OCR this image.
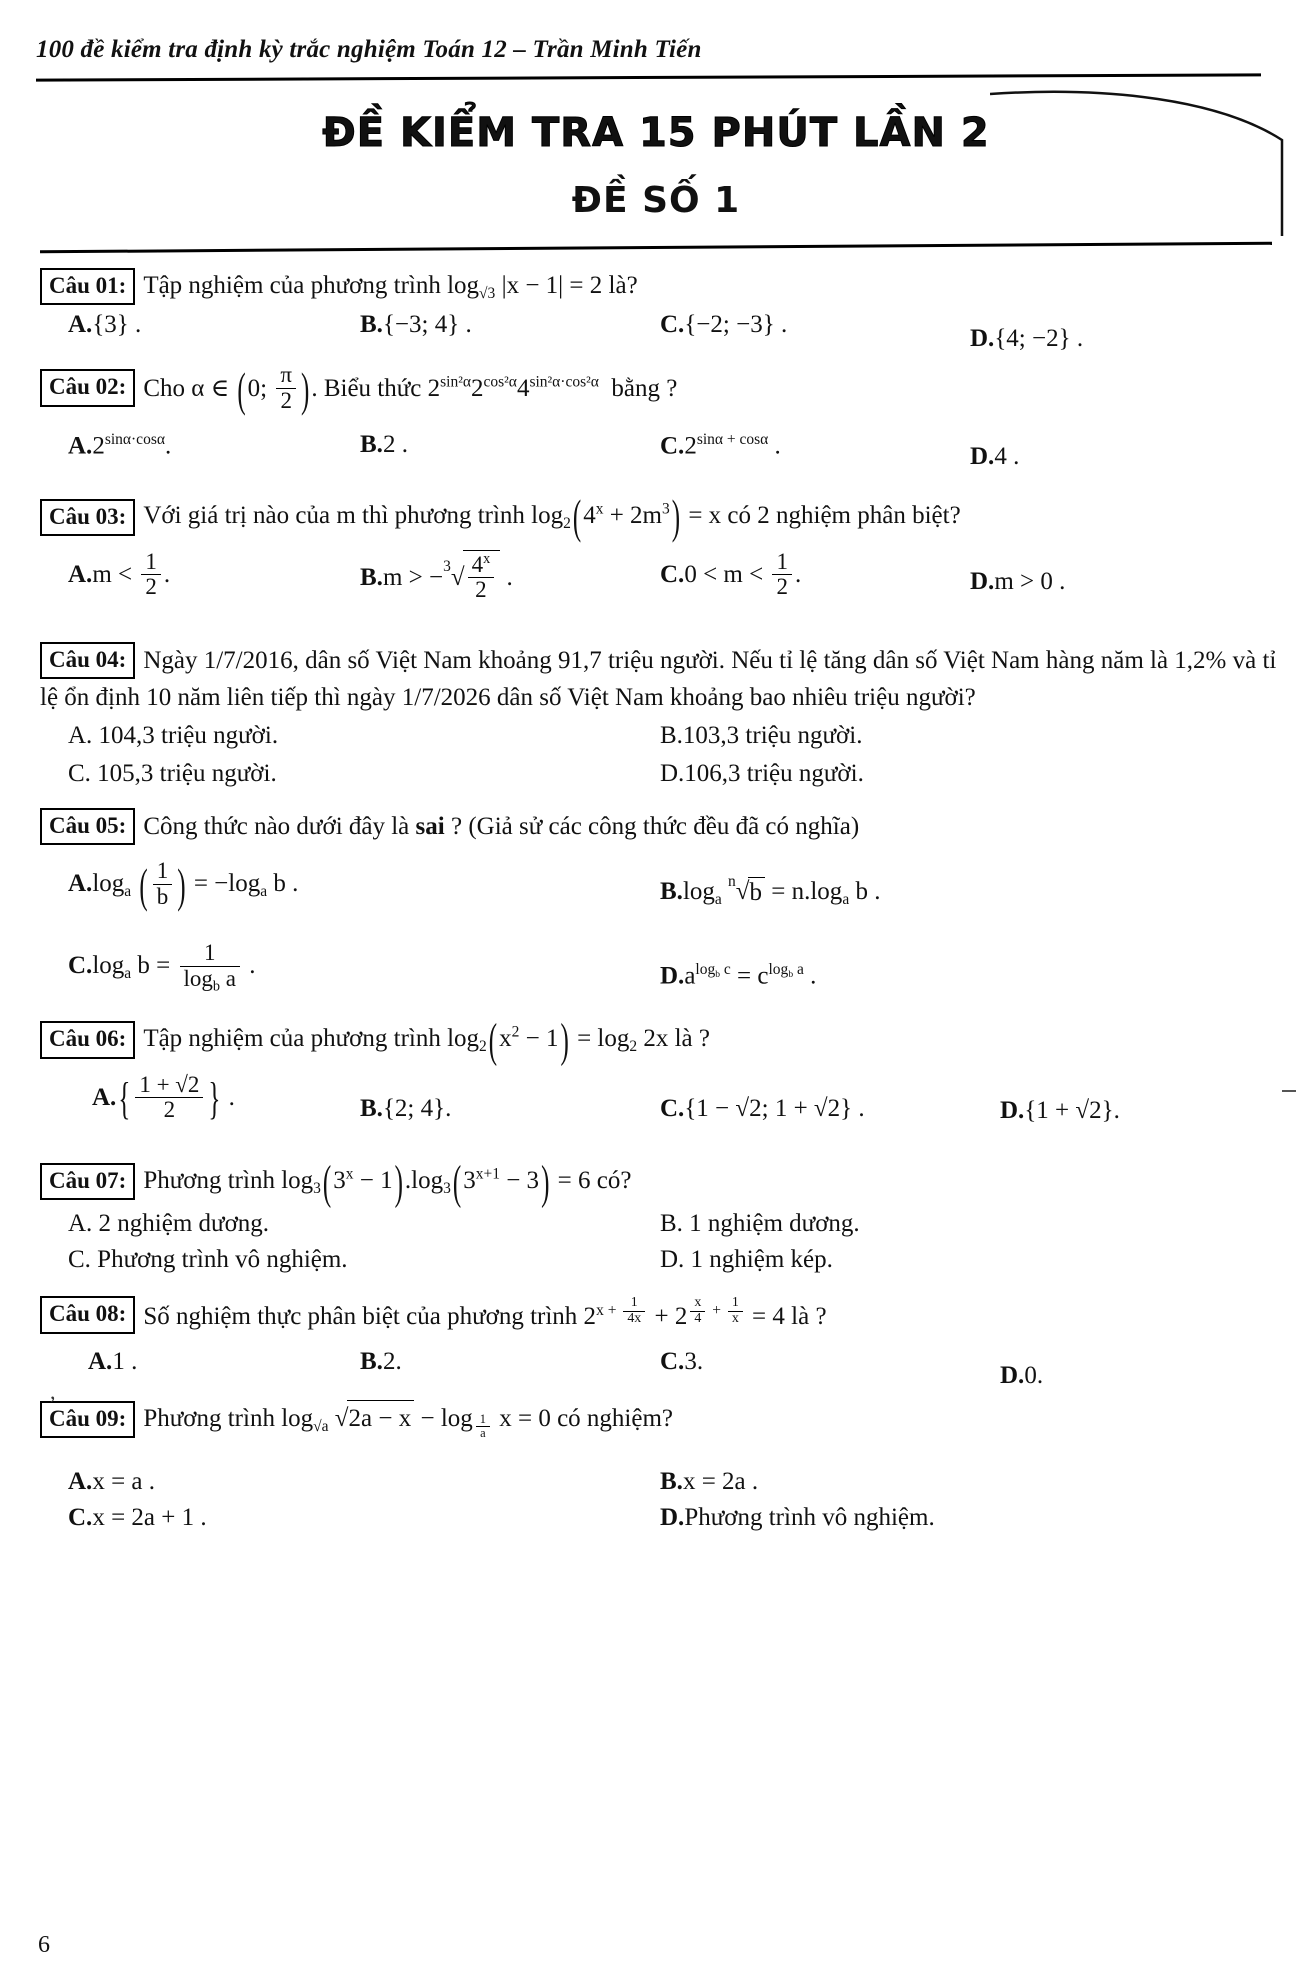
100 đề kiểm tra định kỳ trắc nghiệm Toán 12 – Trần Minh Tiến
ĐỀ KIỂM TRA 15 PHÚT LẦN 2
ĐỀ SỐ 1
Câu 01: Tập nghiệm của phương trình $\log_{√3} |x - 1| = 2$ là?
A.{3} .	B.{−3; 4} .	C.{−2; −3} .
D.{4; −2} .
Câu 02: Cho α ∈ (0; $\frac{\pi}{2}$ ). Biểu thức $2^{sin^2\alpha}2^{cos^2\alpha}4^{sin^2\alpha\cdot cos^2\alpha}$  bằng ?
$A.2^{sin\alpha\cdot cos\alpha}$.	B.2 .	$C.2^{sin\alpha + cos\alpha}$ .	D.4 .
Câu 03: Với giá trị nào của m thì phương trình $\log_2(4^x + 2m^3) = x$ có 2 nghiệm phân biệt?
$A.m < \frac{1}{2}$ .	$B.m > -^3√ \frac{4^x}{2}$ .	$C.0 < m < \frac{1}{2}$ .	D.m > 0 .
Câu 04: Ngày 1/7/2016, dân số Việt Nam khoảng 91,7 triệu người. Nếu tỉ lệ tăng dân số Việt Nam hàng năm là 1,2% và tỉ lệ ổn định 10 năm liên tiếp thì ngày 1/7/2026 dân số Việt Nam khoảng bao nhiêu triệu người?
A. 104,3 triệu người.	B.103,3 triệu người.
C. 105,3 triệu người.	D.106,3 triệu người.
Câu 05: Công thức nào dưới đây là sai ? (Giả sử các công thức đều đã có nghĩa)
$A.\log_a$ ( $\frac{1}{b}$ ) = $-\log_a$ b .	$B.\log_a$ $^n√b = n.\log_a$ b .
$C.\log_a$ $b = \frac{1}{\log_b a}$ .	$D.a^{log_b c} = c^{log_b a}$ .
Câu 06: Tập nghiệm của phương trình $\log_2(x^2 - 1) = \log_2 2x$ là ?
$A.\{ \frac{1 + √2}{2}$ } .	B.{2; 4}.	C.{1 − √2; 1 + √2} .	D.{1 + √2}.
Câu 07: Phương trình $\log_3(3^x - 1).\log_3(3^{x+1} - 3) = 6$ có?
A. 2 nghiệm dương.	B. 1 nghiệm dương.
C. Phương trình vô nghiệm.	D. 1 nghiệm kép.
Câu 08: Số nghiệm thực phân biệt của phương trình $2^{x + \frac{1}{4x}} + 2$ $^{\frac{x}{4} + \frac{1}{x}}$ = 4 là ?
A.1 .	B.2.	C.3.
D.0.
Câu 09: Phương trình $\log_{√a} √2a - x - \log _{\frac{1}{a}}$ x = 0 có nghiệm?
A.x = a .	B.x = 2a .
C.x = 2a + 1 .	D.Phương trình vô nghiệm.
,
6
